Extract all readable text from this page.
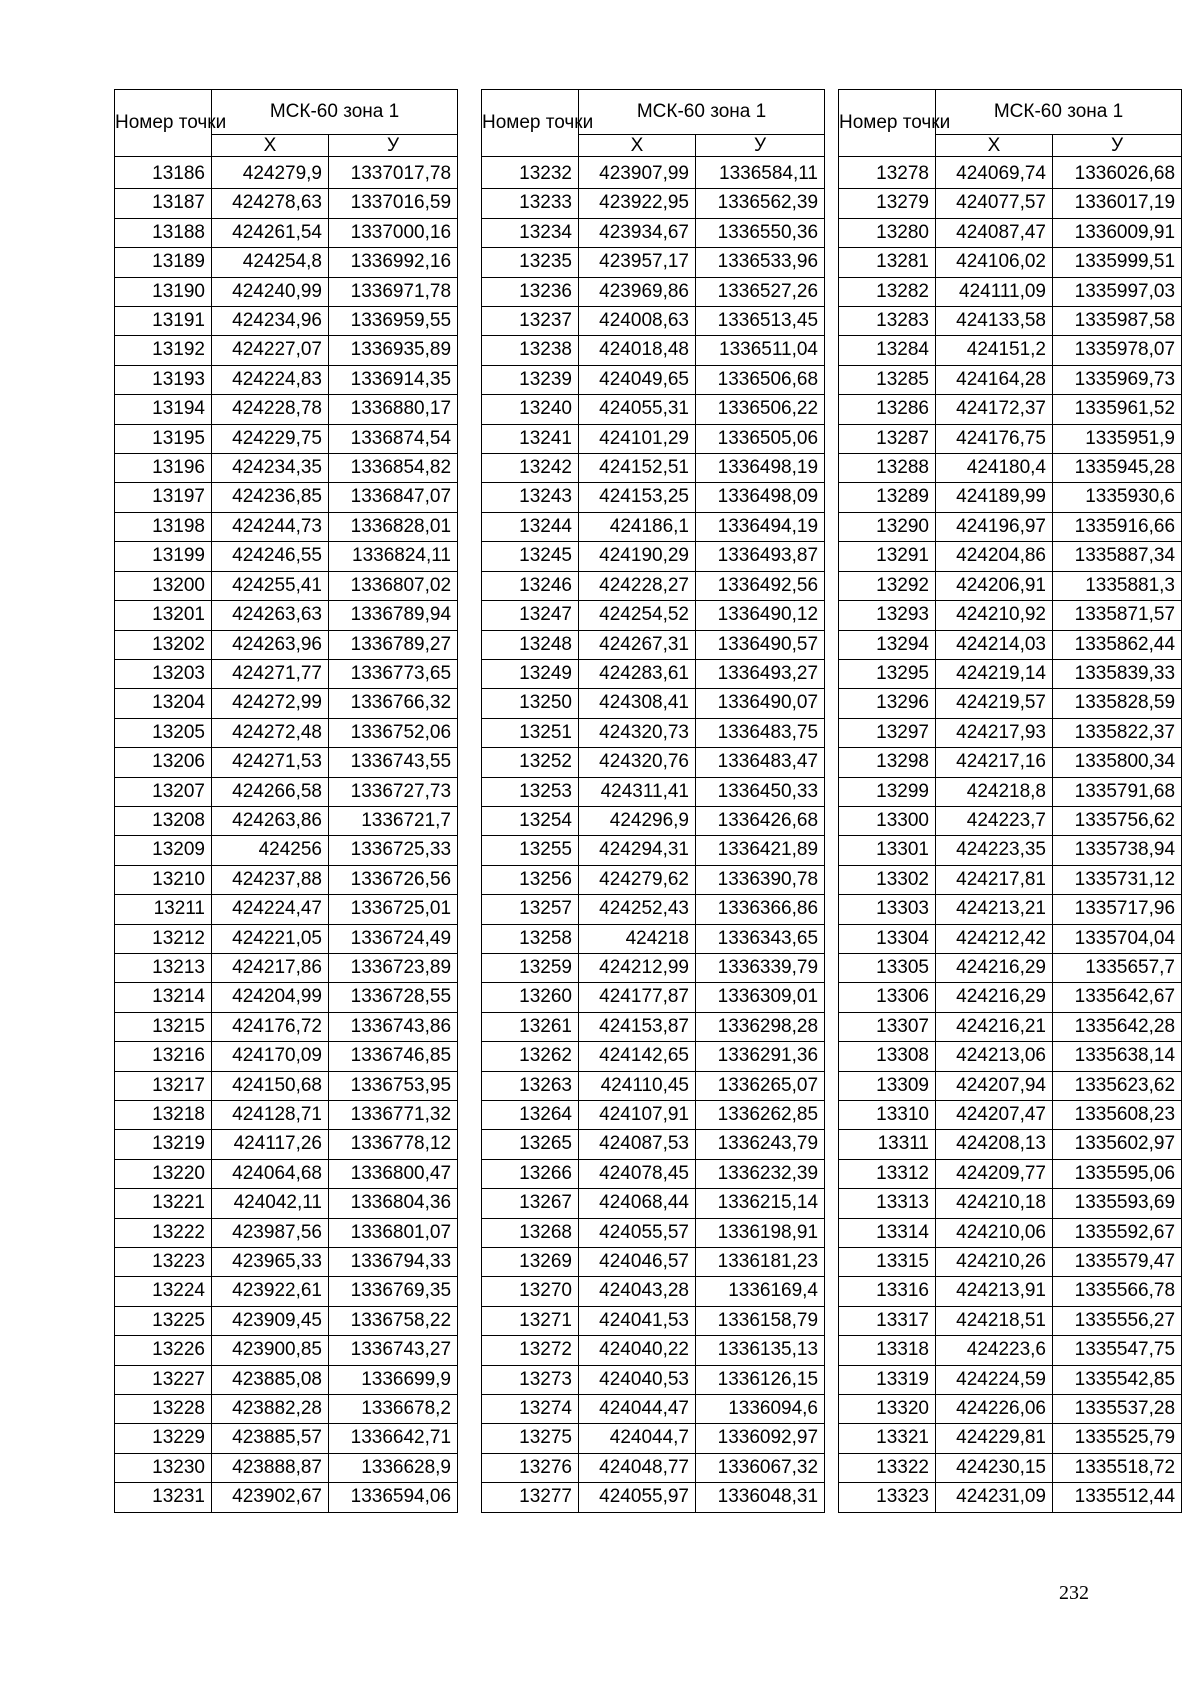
Номер точки	МСК-60 зона 1	
	X	У
13186	424279,9	1337017,78
13187	424278,63	1337016,59
13188	424261,54	1337000,16
13189	424254,8	1336992,16
13190	424240,99	1336971,78
13191	424234,96	1336959,55
13192	424227,07	1336935,89
13193	424224,83	1336914,35
13194	424228,78	1336880,17
13195	424229,75	1336874,54
13196	424234,35	1336854,82
13197	424236,85	1336847,07
13198	424244,73	1336828,01
13199	424246,55	1336824,11
13200	424255,41	1336807,02
13201	424263,63	1336789,94
13202	424263,96	1336789,27
13203	424271,77	1336773,65
13204	424272,99	1336766,32
13205	424272,48	1336752,06
13206	424271,53	1336743,55
13207	424266,58	1336727,73
13208	424263,86	1336721,7
13209	424256	1336725,33
13210	424237,88	1336726,56
13211	424224,47	1336725,01
13212	424221,05	1336724,49
13213	424217,86	1336723,89
13214	424204,99	1336728,55
13215	424176,72	1336743,86
13216	424170,09	1336746,85
13217	424150,68	1336753,95
13218	424128,71	1336771,32
13219	424117,26	1336778,12
13220	424064,68	1336800,47
13221	424042,11	1336804,36
13222	423987,56	1336801,07
13223	423965,33	1336794,33
13224	423922,61	1336769,35
13225	423909,45	1336758,22
13226	423900,85	1336743,27
13227	423885,08	1336699,9
13228	423882,28	1336678,2
13229	423885,57	1336642,71
13230	423888,87	1336628,9
13231	423902,67	1336594,06
Номер точки	МСК-60 зона 1	
	X	У
13232	423907,99	1336584,11
13233	423922,95	1336562,39
13234	423934,67	1336550,36
13235	423957,17	1336533,96
13236	423969,86	1336527,26
13237	424008,63	1336513,45
13238	424018,48	1336511,04
13239	424049,65	1336506,68
13240	424055,31	1336506,22
13241	424101,29	1336505,06
13242	424152,51	1336498,19
13243	424153,25	1336498,09
13244	424186,1	1336494,19
13245	424190,29	1336493,87
13246	424228,27	1336492,56
13247	424254,52	1336490,12
13248	424267,31	1336490,57
13249	424283,61	1336493,27
13250	424308,41	1336490,07
13251	424320,73	1336483,75
13252	424320,76	1336483,47
13253	424311,41	1336450,33
13254	424296,9	1336426,68
13255	424294,31	1336421,89
13256	424279,62	1336390,78
13257	424252,43	1336366,86
13258	424218	1336343,65
13259	424212,99	1336339,79
13260	424177,87	1336309,01
13261	424153,87	1336298,28
13262	424142,65	1336291,36
13263	424110,45	1336265,07
13264	424107,91	1336262,85
13265	424087,53	1336243,79
13266	424078,45	1336232,39
13267	424068,44	1336215,14
13268	424055,57	1336198,91
13269	424046,57	1336181,23
13270	424043,28	1336169,4
13271	424041,53	1336158,79
13272	424040,22	1336135,13
13273	424040,53	1336126,15
13274	424044,47	1336094,6
13275	424044,7	1336092,97
13276	424048,77	1336067,32
13277	424055,97	1336048,31
Номер точки	МСК-60 зона 1	
	X	У
13278	424069,74	1336026,68
13279	424077,57	1336017,19
13280	424087,47	1336009,91
13281	424106,02	1335999,51
13282	424111,09	1335997,03
13283	424133,58	1335987,58
13284	424151,2	1335978,07
13285	424164,28	1335969,73
13286	424172,37	1335961,52
13287	424176,75	1335951,9
13288	424180,4	1335945,28
13289	424189,99	1335930,6
13290	424196,97	1335916,66
13291	424204,86	1335887,34
13292	424206,91	1335881,3
13293	424210,92	1335871,57
13294	424214,03	1335862,44
13295	424219,14	1335839,33
13296	424219,57	1335828,59
13297	424217,93	1335822,37
13298	424217,16	1335800,34
13299	424218,8	1335791,68
13300	424223,7	1335756,62
13301	424223,35	1335738,94
13302	424217,81	1335731,12
13303	424213,21	1335717,96
13304	424212,42	1335704,04
13305	424216,29	1335657,7
13306	424216,29	1335642,67
13307	424216,21	1335642,28
13308	424213,06	1335638,14
13309	424207,94	1335623,62
13310	424207,47	1335608,23
13311	424208,13	1335602,97
13312	424209,77	1335595,06
13313	424210,18	1335593,69
13314	424210,06	1335592,67
13315	424210,26	1335579,47
13316	424213,91	1335566,78
13317	424218,51	1335556,27
13318	424223,6	1335547,75
13319	424224,59	1335542,85
13320	424226,06	1335537,28
13321	424229,81	1335525,79
13322	424230,15	1335518,72
13323	424231,09	1335512,44
232
